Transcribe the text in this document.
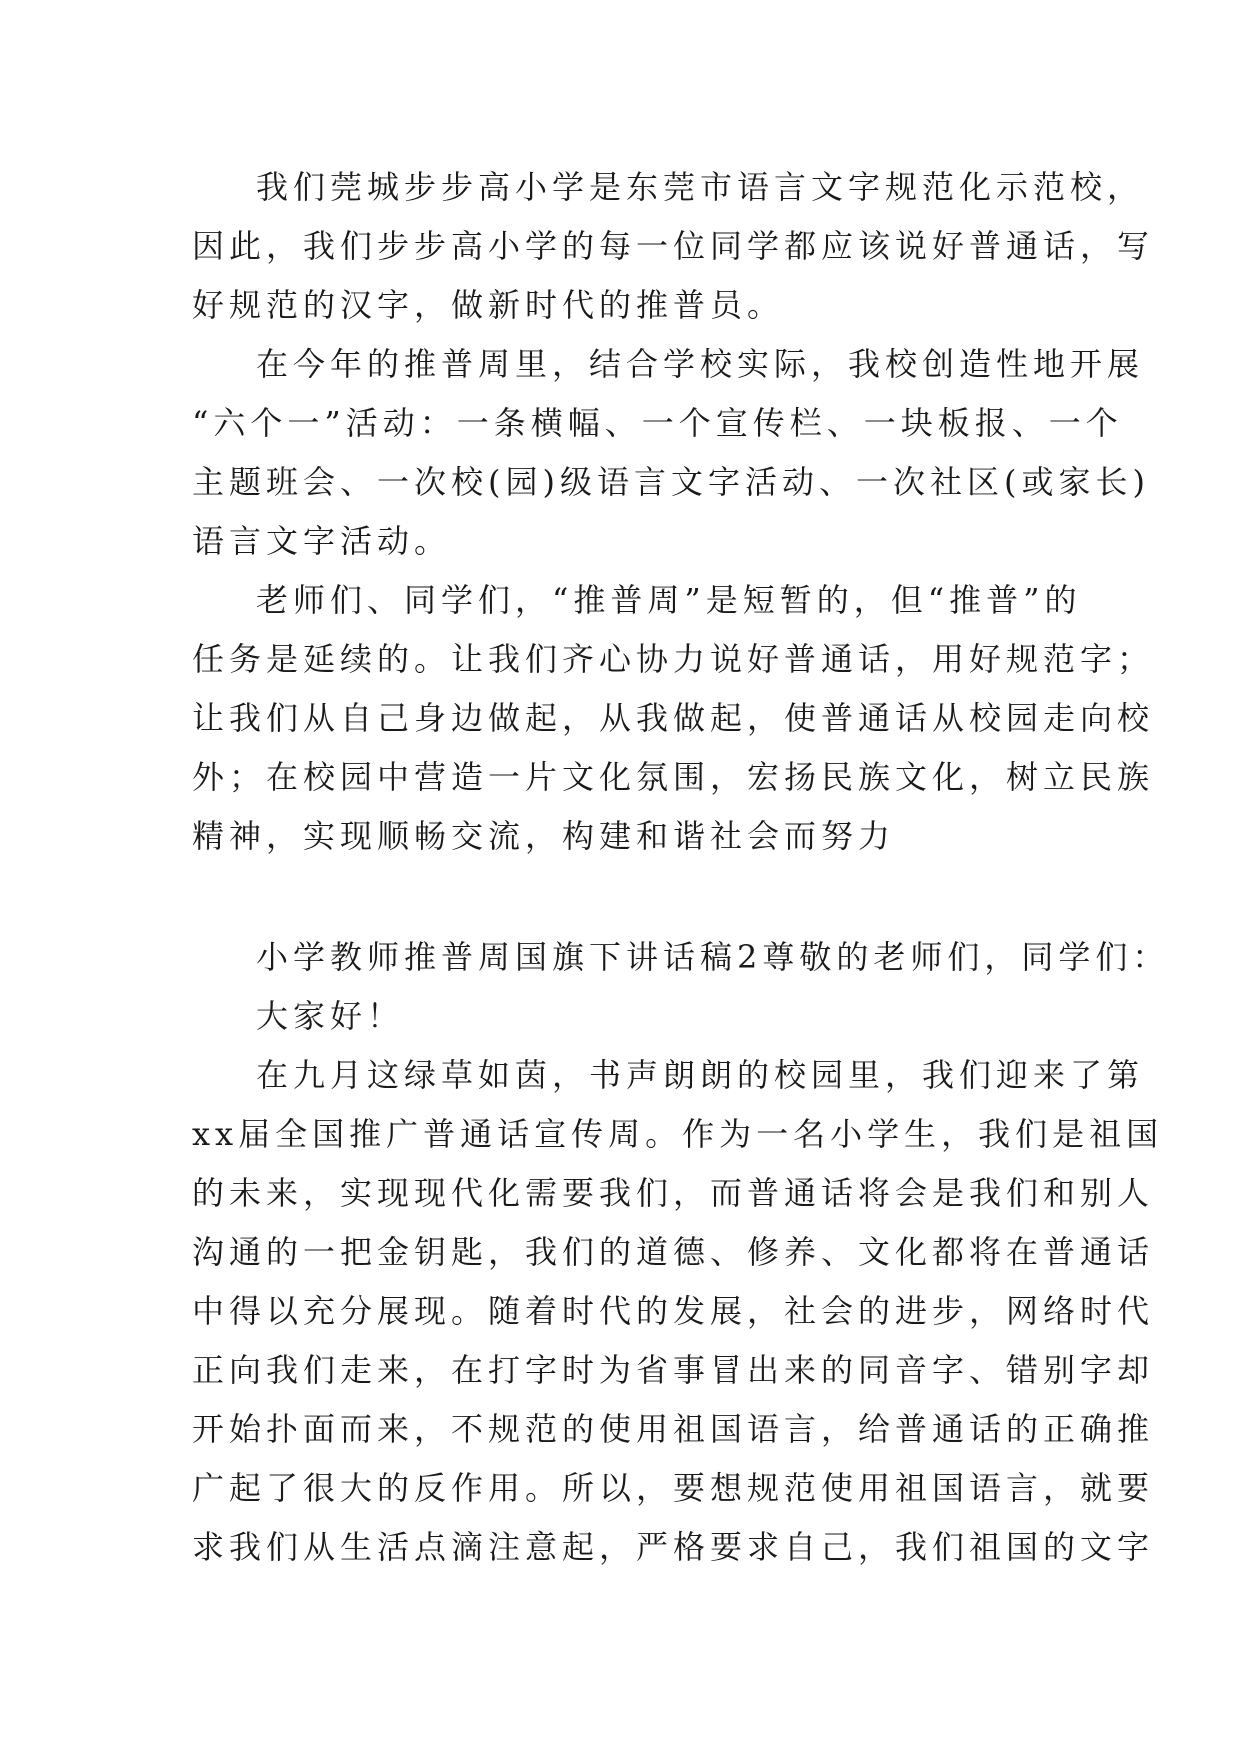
我们莞城步步高小学是东莞市语言文字规范化示范校，
因此，我们步步高小学的每一位同学都应该说好普通话，写
好规范的汉字，做新时代的推普员。
在今年的推普周里，结合学校实际，我校创造性地开展
“六个一”活动：一条横幅、一个宣传栏、一块板报、一个
主题班会、一次校(园)级语言文字活动、一次社区(或家长)
语言文字活动。
老师们、同学们，“推普周”是短暂的，但“推普”的
任务是延续的。让我们齐心协力说好普通话，用好规范字；
让我们从自己身边做起，从我做起，使普通话从校园走向校
外；在校园中营造一片文化氛围，宏扬民族文化，树立民族
精神，实现顺畅交流，构建和谐社会而努力
小学教师推普周国旗下讲话稿2尊敬的老师们，同学们：
大家好！
在九月这绿草如茵，书声朗朗的校园里，我们迎来了第
xx届全国推广普通话宣传周。作为一名小学生，我们是祖国
的未来，实现现代化需要我们，而普通话将会是我们和别人
沟通的一把金钥匙，我们的道德、修养、文化都将在普通话
中得以充分展现。随着时代的发展，社会的进步，网络时代
正向我们走来，在打字时为省事冒出来的同音字、错别字却
开始扑面而来，不规范的使用祖国语言，给普通话的正确推
广起了很大的反作用。所以，要想规范使用祖国语言，就要
求我们从生活点滴注意起，严格要求自己，我们祖国的文字
